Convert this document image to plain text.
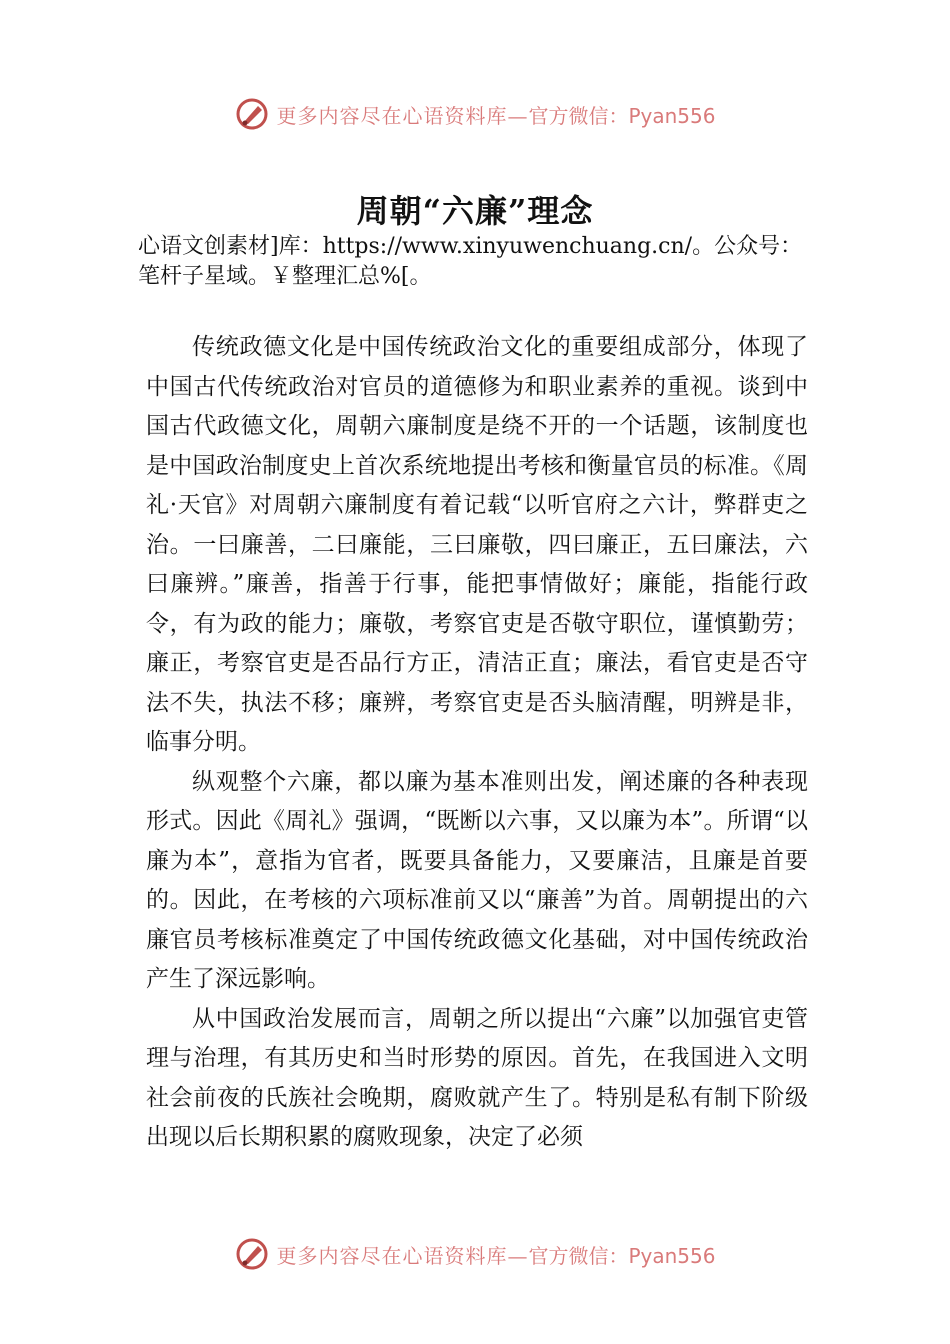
更多内容尽在心语资料库— 官方微信：Pyan556
周朝“六廉”理念
心语文创素材]库：https://www.xinyuwenchuang.cn/。公众号：笔杆子星域。￥整理汇总%[。

传统政德文化是中国传统政治文化的重要组成部分，体现了中国古代传统政治对官员的道德修为和职业素养的重视。谈到中国古代政德文化，周朝六廉制度是绕不开的一个话题，该制度也是中国政治制度史上首次系统地提出考核和衡量官员的标准。《周礼·天官》对周朝六廉制度有着记载“以听官府之六计，弊群吏之治。一曰廉善，二曰廉能，三曰廉敬，四曰廉正，五曰廉法，六曰廉辨。”廉善，指善于行事，能把事情做好；廉能，指能行政令，有为政的能力；廉敬，考察官吏是否敬守职位，谨慎勤劳；廉正，考察官吏是否品行方正，清洁正直；廉法，看官吏是否守法不失，执法不移；廉辨，考察官吏是否头脑清醒，明辨是非，临事分明。

纵观整个六廉，都以廉为基本准则出发，阐述廉的各种表现形式。因此《周礼》强调，“既断以六事，又以廉为本”。所谓“以廉为本”，意指为官者，既要具备能力，又要廉洁，且廉是首要的。因此，在考核的六项标准前又以“廉善”为首。周朝提出的六廉官员考核标准奠定了中国传统政德文化基础，对中国传统政治产生了深远影响。

从中国政治发展而言，周朝之所以提出“六廉”以加强官吏管理与治理，有其历史和当时形势的原因。首先，在我国进入文明社会前夜的氏族社会晚期，腐败就产生了。特别是私有制下阶级出现以后长期积累的腐败现象，决定了必须

更多内容尽在心语资料库— 官方微信：Pyan556
